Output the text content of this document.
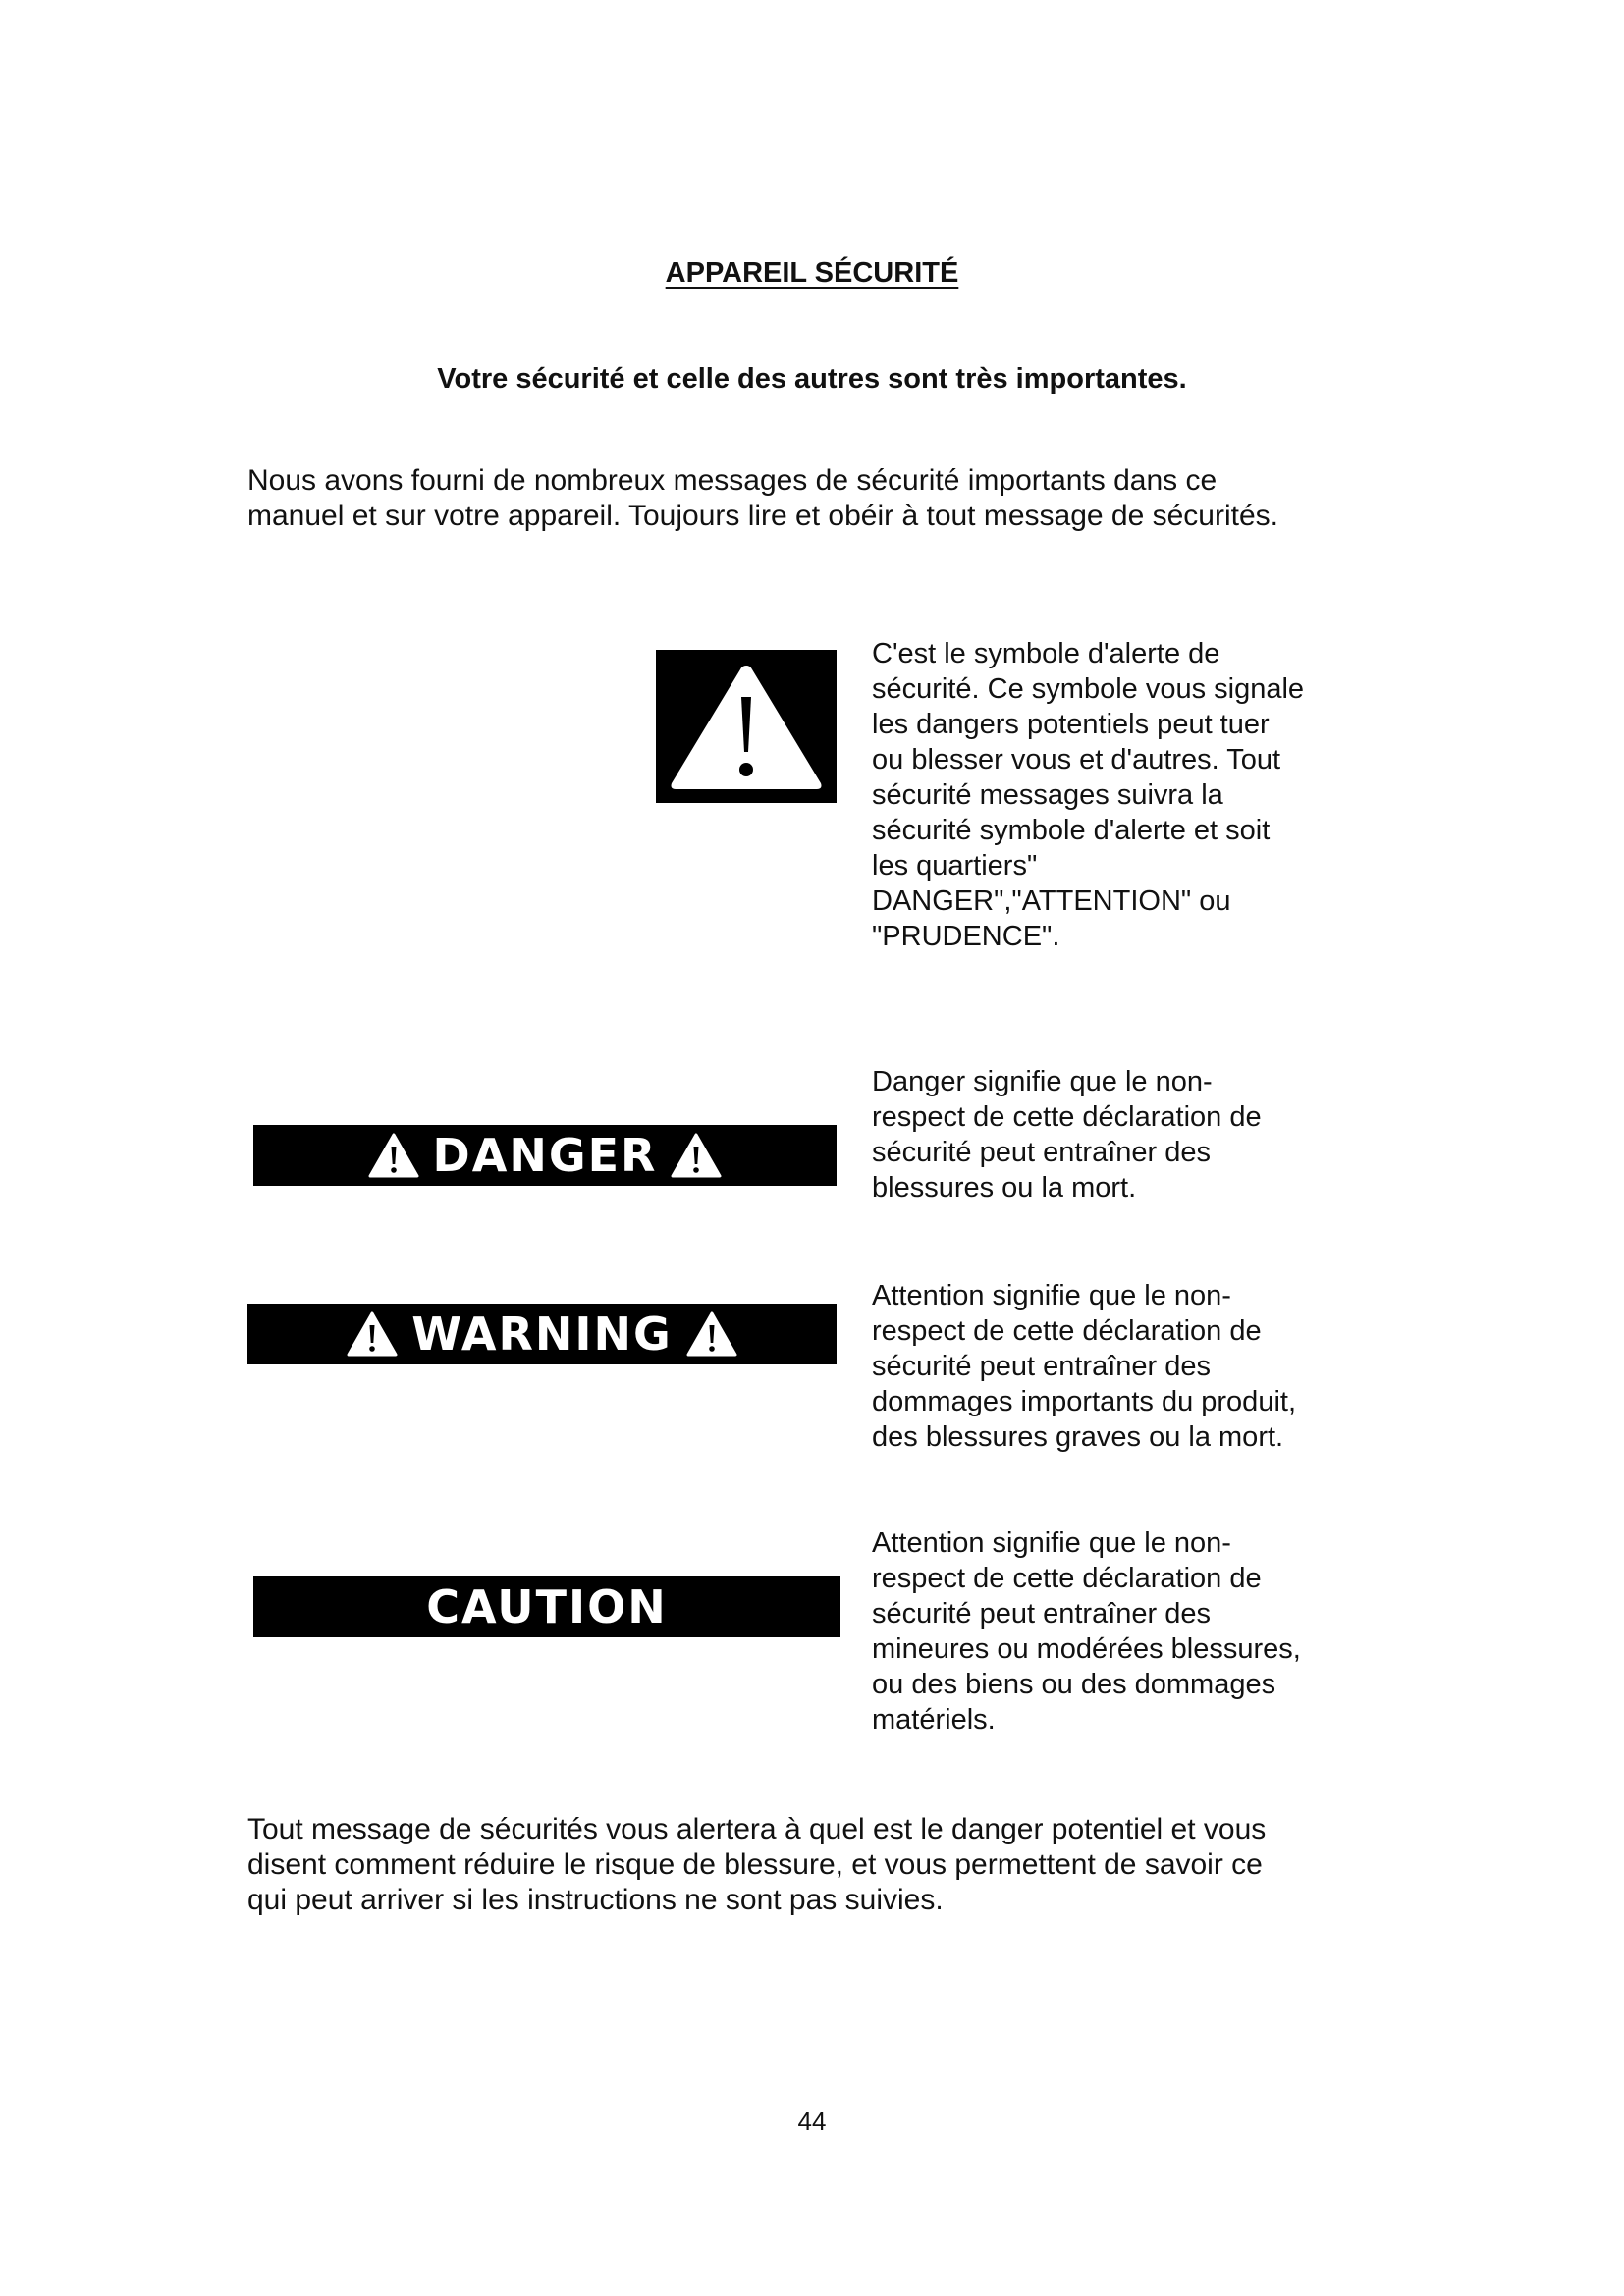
APPAREIL SÉCURITÉ
Votre sécurité et celle des autres sont très importantes.
Nous avons fourni de nombreux messages de sécurité importants dans ce
manuel et sur votre appareil. Toujours lire et obéir à tout message de sécurités.
C'est le symbole d'alerte de
sécurité. Ce symbole vous signale
les dangers potentiels peut tuer
ou blesser vous et d'autres. Tout
sécurité messages suivra la
sécurité symbole d'alerte et soit
les quartiers"
DANGER","ATTENTION" ou
"PRUDENCE".
DANGER
Danger signifie que le non-
respect de cette déclaration de
sécurité peut entraîner des
blessures ou la mort.
WARNING
Attention signifie que le non-
respect de cette déclaration de
sécurité peut entraîner des
dommages importants du produit,
des blessures graves ou la mort.
CAUTION
Attention signifie que le non-
respect de cette déclaration de
sécurité peut entraîner des
mineures ou modérées blessures,
ou des biens ou des dommages
matériels.
Tout message de sécurités vous alertera à quel est le danger potentiel et vous
disent comment réduire le risque de blessure, et vous permettent de savoir ce
qui peut arriver si les instructions ne sont pas suivies.
44
